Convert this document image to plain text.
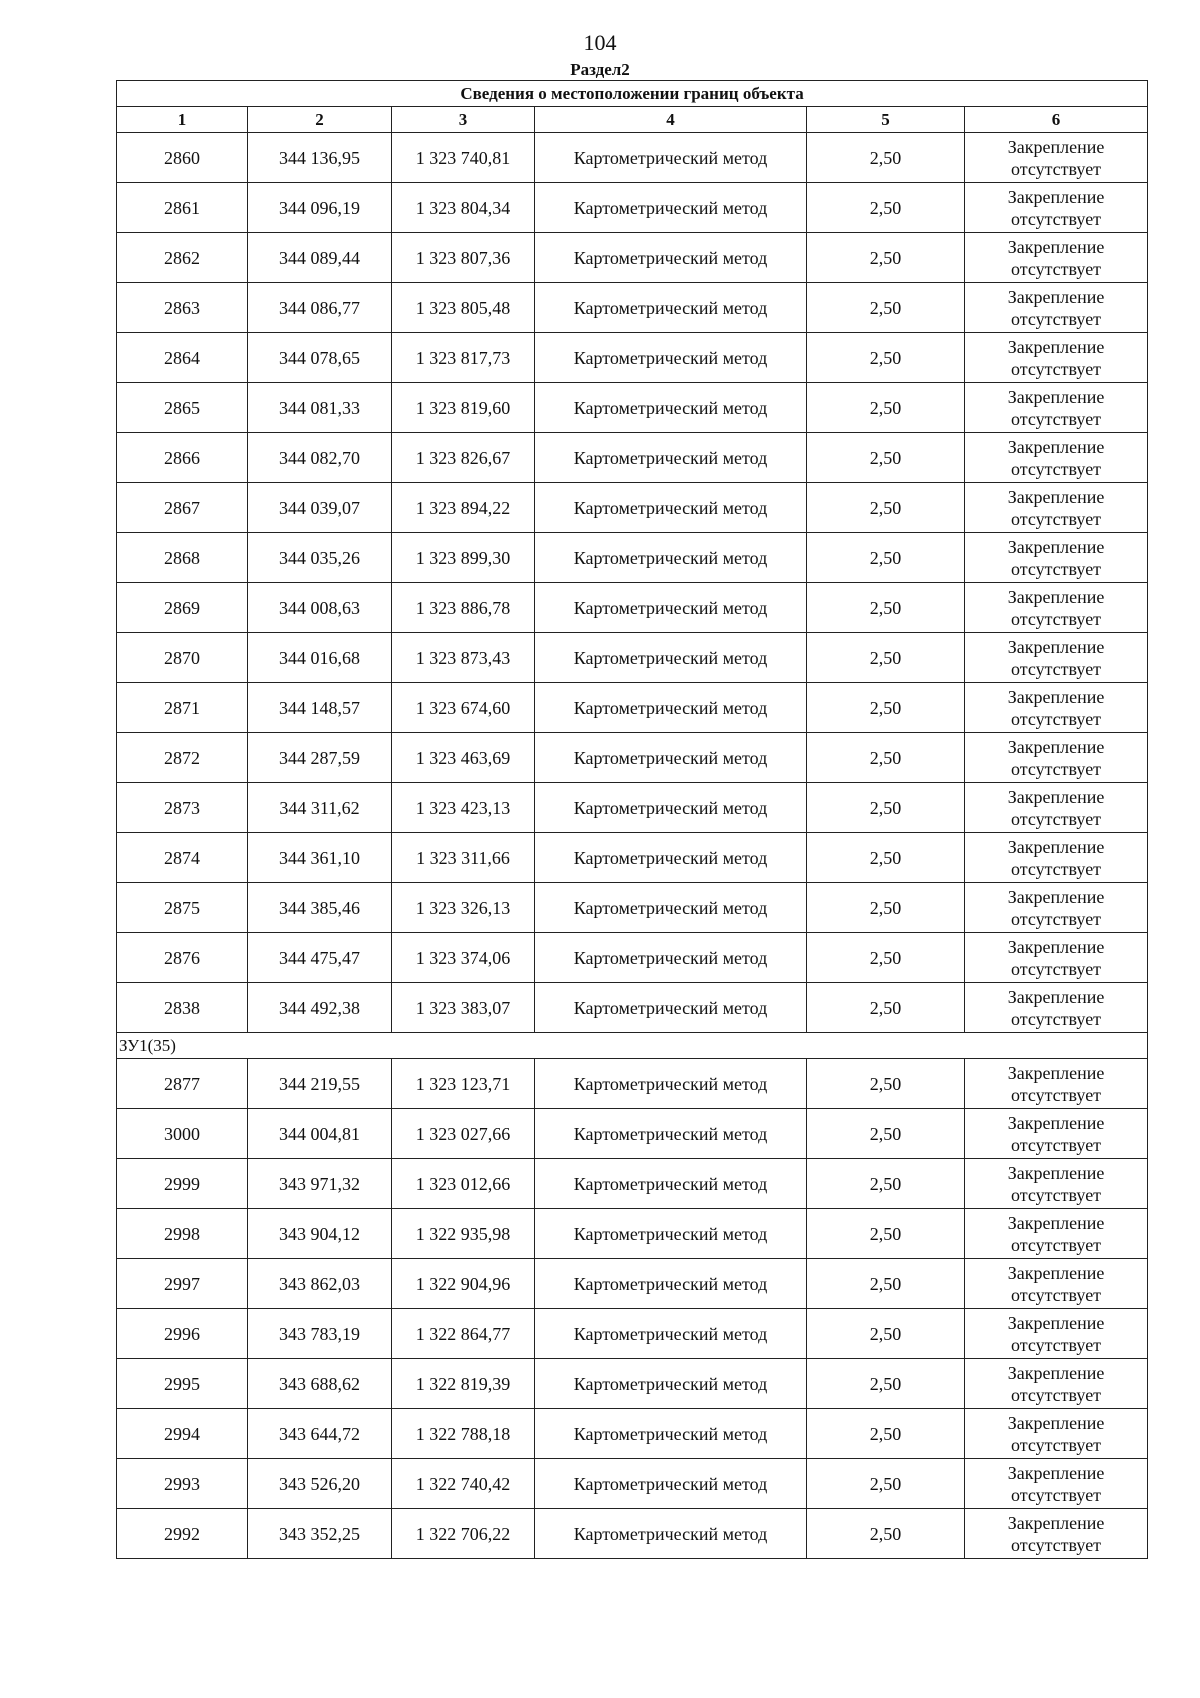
104
Раздел2
Сведения о местоположении границ объекта					
1	2	3	4	5	6
2860	344 136,95	1 323 740,81	Картометрический метод	2,50	Закрепление отсутствует
2861	344 096,19	1 323 804,34	Картометрический метод	2,50	Закрепление отсутствует
2862	344 089,44	1 323 807,36	Картометрический метод	2,50	Закрепление отсутствует
2863	344 086,77	1 323 805,48	Картометрический метод	2,50	Закрепление отсутствует
2864	344 078,65	1 323 817,73	Картометрический метод	2,50	Закрепление отсутствует
2865	344 081,33	1 323 819,60	Картометрический метод	2,50	Закрепление отсутствует
2866	344 082,70	1 323 826,67	Картометрический метод	2,50	Закрепление отсутствует
2867	344 039,07	1 323 894,22	Картометрический метод	2,50	Закрепление отсутствует
2868	344 035,26	1 323 899,30	Картометрический метод	2,50	Закрепление отсутствует
2869	344 008,63	1 323 886,78	Картометрический метод	2,50	Закрепление отсутствует
2870	344 016,68	1 323 873,43	Картометрический метод	2,50	Закрепление отсутствует
2871	344 148,57	1 323 674,60	Картометрический метод	2,50	Закрепление отсутствует
2872	344 287,59	1 323 463,69	Картометрический метод	2,50	Закрепление отсутствует
2873	344 311,62	1 323 423,13	Картометрический метод	2,50	Закрепление отсутствует
2874	344 361,10	1 323 311,66	Картометрический метод	2,50	Закрепление отсутствует
2875	344 385,46	1 323 326,13	Картометрический метод	2,50	Закрепление отсутствует
2876	344 475,47	1 323 374,06	Картометрический метод	2,50	Закрепление отсутствует
2838	344 492,38	1 323 383,07	Картометрический метод	2,50	Закрепление отсутствует
ЗУ1(35)					
2877	344 219,55	1 323 123,71	Картометрический метод	2,50	Закрепление отсутствует
3000	344 004,81	1 323 027,66	Картометрический метод	2,50	Закрепление отсутствует
2999	343 971,32	1 323 012,66	Картометрический метод	2,50	Закрепление отсутствует
2998	343 904,12	1 322 935,98	Картометрический метод	2,50	Закрепление отсутствует
2997	343 862,03	1 322 904,96	Картометрический метод	2,50	Закрепление отсутствует
2996	343 783,19	1 322 864,77	Картометрический метод	2,50	Закрепление отсутствует
2995	343 688,62	1 322 819,39	Картометрический метод	2,50	Закрепление отсутствует
2994	343 644,72	1 322 788,18	Картометрический метод	2,50	Закрепление отсутствует
2993	343 526,20	1 322 740,42	Картометрический метод	2,50	Закрепление отсутствует
2992	343 352,25	1 322 706,22	Картометрический метод	2,50	Закрепление отсутствует
